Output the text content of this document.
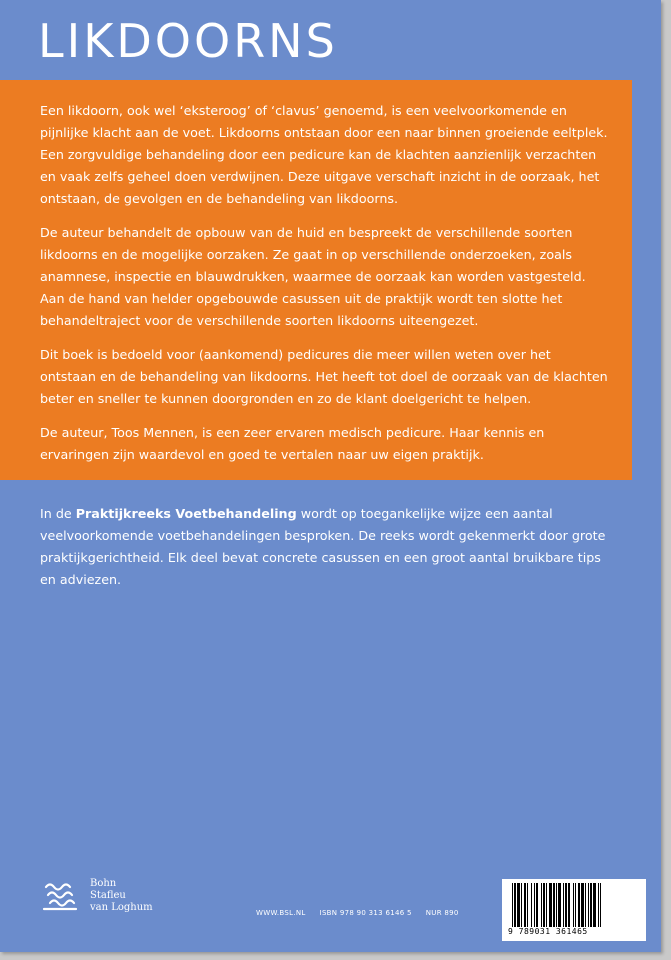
LIKDOORNS

Een likdoorn, ook wel ‘eksteroog’ of ‘clavus’ genoemd, is een veelvoorkomende en pijnlijke klacht aan de voet. Likdoorns ontstaan door een naar binnen groeiende eeltplek. Een zorgvuldige behandeling door een pedicure kan de klachten aanzienlijk verzachten en vaak zelfs geheel doen verdwijnen. Deze uitgave verschaft inzicht in de oorzaak, het ontstaan, de gevolgen en de behandeling van likdoorns.

De auteur behandelt de opbouw van de huid en bespreekt de verschillende soorten likdoorns en de mogelijke oorzaken. Ze gaat in op verschillende onderzoeken, zoals anamnese, inspectie en blauwdrukken, waarmee de oorzaak kan worden vastgesteld. Aan de hand van helder opgebouwde casussen uit de praktijk wordt ten slotte het behandeltraject voor de verschillende soorten likdoorns uiteengezet.

Dit boek is bedoeld voor (aankomend) pedicures die meer willen weten over het ontstaan en de behandeling van likdoorns. Het heeft tot doel de oorzaak van de klachten beter en sneller te kunnen doorgronden en zo de klant doelgericht te helpen.

De auteur, Toos Mennen, is een zeer ervaren medisch pedicure. Haar kennis en ervaringen zijn waardevol en goed te vertalen naar uw eigen praktijk.

In de Praktijkreeks Voetbehandeling wordt op toegankelijke wijze een aantal veelvoorkomende voetbehandelingen besproken. De reeks wordt gekenmerkt door grote praktijkgerichtheid. Elk deel bevat concrete casussen en een groot aantal bruikbare tips en adviezen.

Bohn
Stafleu
van Loghum	WWW.BSL.NL ISBN 978 90 313 6146 5 NUR 890
9 789031 361465
